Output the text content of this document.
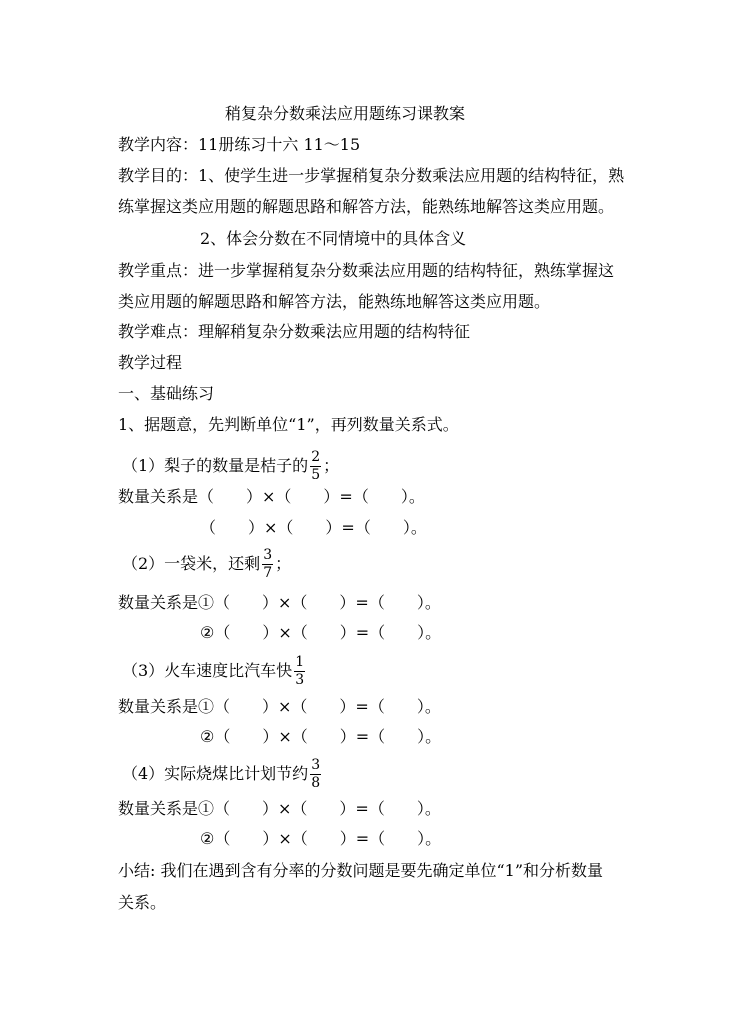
稍复杂分数乘法应用题练习课教案
教学内容：11册练习十六 11～15
教学目的：1、使学生进一步掌握稍复杂分数乘法应用题的结构特征，熟
练掌握这类应用题的解题思路和解答方法，能熟练地解答这类应用题。
2、体会分数在不同情境中的具体含义
教学重点：进一步掌握稍复杂分数乘法应用题的结构特征，熟练掌握这
类应用题的解题思路和解答方法，能熟练地解答这类应用题。
教学难点：理解稍复杂分数乘法应用题的结构特征
教学过程
一、基础练习
1、据题意，先判断单位“1”，再列数量关系式。
（1）梨子的数量是桔子的 $\frac{2}{5}$ ；
数量关系是（　　）×（　　）=（　　）。
（　　）×（　　）=（　　）。
（2）一袋米，还剩 $\frac{3}{7}$ ；
数量关系是①（　　）×（　　）=（　　）。
②（　　）×（　　）=（　　）。
（3）火车速度比汽车快 $\frac{1}{3}$
数量关系是①（　　）×（　　）=（　　）。
②（　　）×（　　）=（　　）。
（4）实际烧煤比计划节约 $\frac{3}{8}$
数量关系是①（　　）×（　　）=（　　）。
②（　　）×（　　）=（　　）。
小结: 我们在遇到含有分率的分数问题是要先确定单位“1”和分析数量
关系。
